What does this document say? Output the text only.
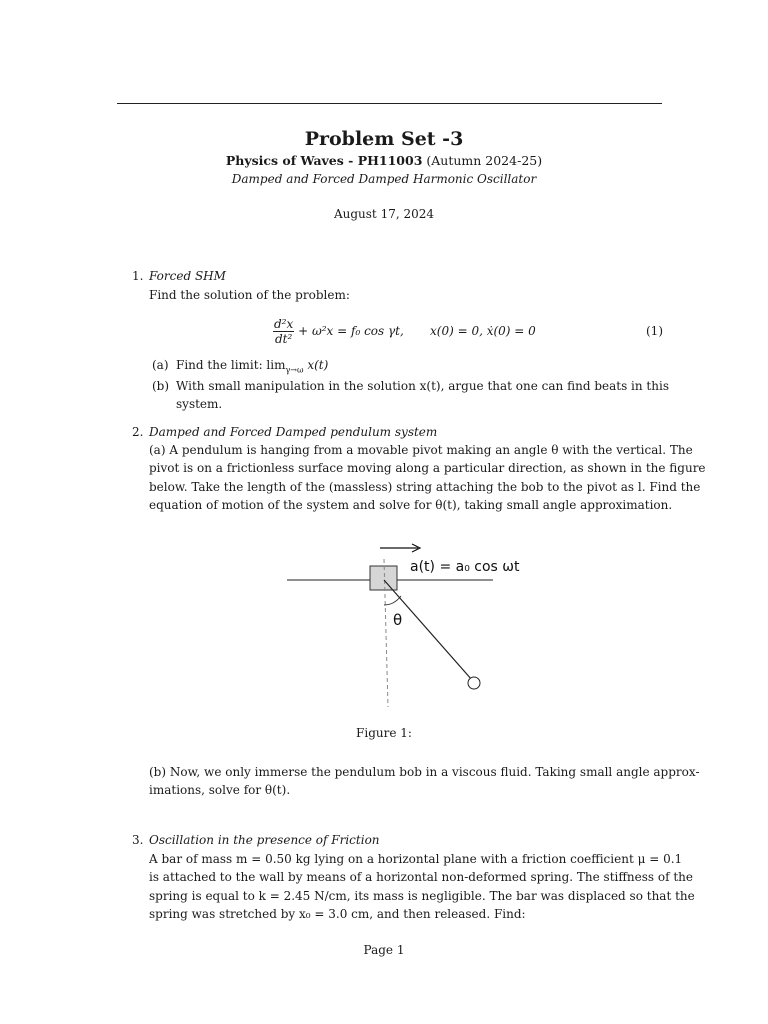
Problem Set -3
Physics of Waves - PH11003 (Autumn 2024-25)
Damped and Forced Damped Harmonic Oscillator
August 17, 2024
1. Forced SHM
Find the solution of the problem:
$\frac{\text{d²x}}{\text{dt²}} + \omega^2x = f_0$ cos γt, x(0) = 0, ẋ(0) = 0	(1)
(a) Find the limit: $\lim_{\gamma\to\omega} x(t)$
(b) With small manipulation in the solution x(t), argue that one can find beats in this
system.
2. Damped and Forced Damped pendulum system
(a) A pendulum is hanging from a movable pivot making an angle θ with the vertical. The
pivot is on a frictionless surface moving along a particular direction, as shown in the figure
below. Take the length of the (massless) string attaching the bob to the pivot as l. Find the
equation of motion of the system and solve for θ(t), taking small angle approximation.
a(t) = a₀ cos ωt
θ
Figure 1:
(b) Now, we only immerse the pendulum bob in a viscous fluid. Taking small angle approx-
imations, solve for θ(t).
3. Oscillation in the presence of Friction
A bar of mass m = 0.50 kg lying on a horizontal plane with a friction coefficient μ = 0.1
is attached to the wall by means of a horizontal non-deformed spring. The stiffness of the
spring is equal to k = 2.45 N/cm, its mass is negligible. The bar was displaced so that the
spring was stretched by x₀ = 3.0 cm, and then released. Find:
Page 1
